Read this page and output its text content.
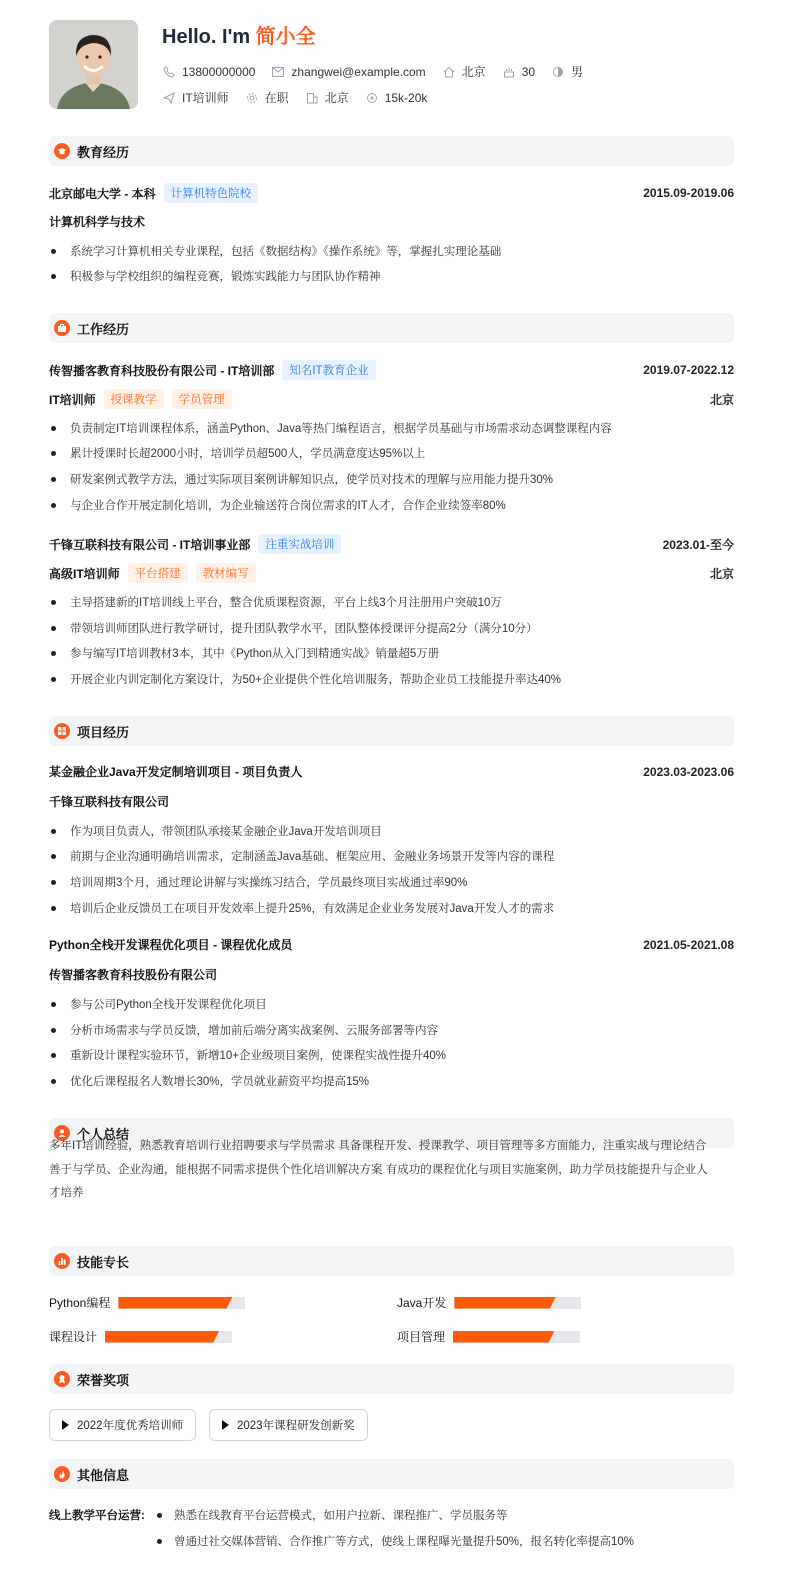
Hello. I'm 简小全
13800000000	zhangwei@example.com	北京	30	男
IT培训师	在职	北京	15k-20k
教育经历
北京邮电大学 - 本科	计算机特色院校	2015.09-2019.06
计算机科学与技术
系统学习计算机相关专业课程，包括《数据结构》《操作系统》等，掌握扎实理论基础
积极参与学校组织的编程竞赛，锻炼实践能力与团队协作精神
工作经历
传智播客教育科技股份有限公司 - IT培训部	知名IT教育企业	2019.07-2022.12
IT培训师	授课教学	学员管理	北京
负责制定IT培训课程体系，涵盖Python、Java等热门编程语言，根据学员基础与市场需求动态调整课程内容
累计授课时长超2000小时，培训学员超500人，学员满意度达95%以上
研发案例式教学方法，通过实际项目案例讲解知识点，使学员对技术的理解与应用能力提升30%
与企业合作开展定制化培训，为企业输送符合岗位需求的IT人才，合作企业续签率80%
千锋互联科技有限公司 - IT培训事业部	注重实战培训	2023.01-至今
高级IT培训师	平台搭建	教材编写	北京
主导搭建新的IT培训线上平台，整合优质课程资源，平台上线3个月注册用户突破10万
带领培训师团队进行教学研讨，提升团队教学水平，团队整体授课评分提高2分（满分10分）
参与编写IT培训教材3本，其中《Python从入门到精通实战》销量超5万册
开展企业内训定制化方案设计，为50+企业提供个性化培训服务，帮助企业员工技能提升率达40%
项目经历
某金融企业Java开发定制培训项目 - 项目负责人	2023.03-2023.06
千锋互联科技有限公司
作为项目负责人，带领团队承接某金融企业Java开发培训项目
前期与企业沟通明确培训需求，定制涵盖Java基础、框架应用、金融业务场景开发等内容的课程
培训周期3个月，通过理论讲解与实操练习结合，学员最终项目实战通过率90%
培训后企业反馈员工在项目开发效率上提升25%，有效满足企业业务发展对Java开发人才的需求
Python全栈开发课程优化项目 - 课程优化成员	2021.05-2021.08
传智播客教育科技股份有限公司
参与公司Python全栈开发课程优化项目
分析市场需求与学员反馈，增加前后端分离实战案例、云服务部署等内容
重新设计课程实验环节，新增10+企业级项目案例，使课程实战性提升40%
优化后课程报名人数增长30%，学员就业薪资平均提高15%
个人总结
多年IT培训经验，熟悉教育培训行业招聘要求与学员需求 具备课程开发、授课教学、项目管理等多方面能力，注重实战与理论结合
善于与学员、企业沟通，能根据不同需求提供个性化培训解决方案 有成功的课程优化与项目实施案例，助力学员技能提升与企业人
才培养
技能专长
Python编程	Java开发
课程设计	项目管理
荣誉奖项
2022年度优秀培训师	2023年课程研发创新奖
其他信息
线上教学平台运营:	熟悉在线教育平台运营模式，如用户拉新、课程推广、学员服务等
曾通过社交媒体营销、合作推广等方式，使线上课程曝光量提升50%，报名转化率提高10%
